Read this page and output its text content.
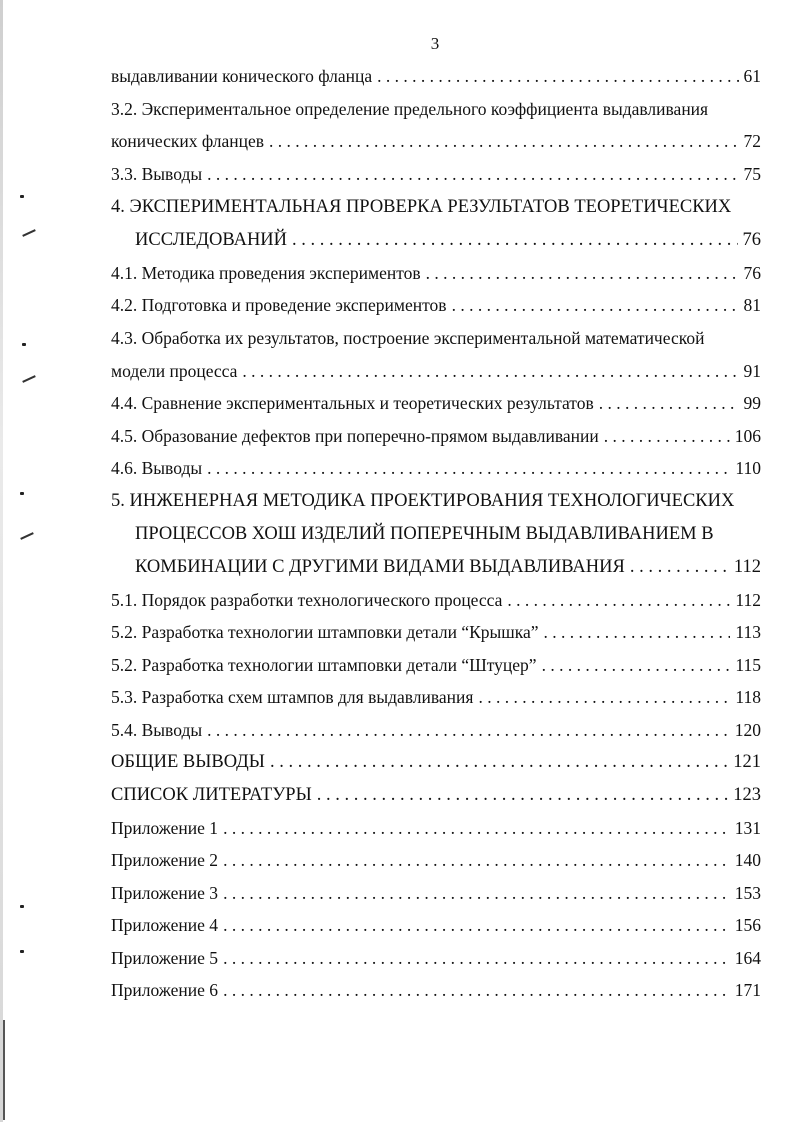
3
выдавливании конического фланца . . .	61
3.2. Экспериментальное определение предельного коэффициента выдавливания
конических фланцев . . .	72
3.3. Выводы . . .	75
4. ЭКСПЕРИМЕНТАЛЬНАЯ ПРОВЕРКА РЕЗУЛЬТАТОВ ТЕОРЕТИЧЕСКИХ
ИССЛЕДОВАНИЙ . . .	76
4.1. Методика проведения экспериментов . . .	76
4.2. Подготовка и проведение экспериментов . . .	81
4.3. Обработка их результатов, построение экспериментальной математической
модели процесса . . .	91
4.4. Сравнение экспериментальных и теоретических результатов . . .	99
4.5. Образование дефектов при поперечно-прямом выдавливании . . .	106
4.6. Выводы . . .	110
5. ИНЖЕНЕРНАЯ МЕТОДИКА ПРОЕКТИРОВАНИЯ ТЕХНОЛОГИЧЕСКИХ
ПРОЦЕССОВ ХОШ ИЗДЕЛИЙ ПОПЕРЕЧНЫМ ВЫДАВЛИВАНИЕМ В
КОМБИНАЦИИ С ДРУГИМИ ВИДАМИ ВЫДАВЛИВАНИЯ . . .	112
5.1. Порядок разработки технологического процесса . . .	112
5.2. Разработка технологии штамповки детали “Крышка” . . .	113
5.2. Разработка технологии штамповки детали “Штуцер” . . .	115
5.3. Разработка схем штампов для выдавливания . . .	118
5.4. Выводы . . .	120
ОБЩИЕ ВЫВОДЫ . . .	121
СПИСОК ЛИТЕРАТУРЫ . . .	123
Приложение 1 . . .	131
Приложение 2 . . .	140
Приложение 3 . . .	153
Приложение 4 . . .	156
Приложение 5 . . .	164
Приложение 6 . . .	171
